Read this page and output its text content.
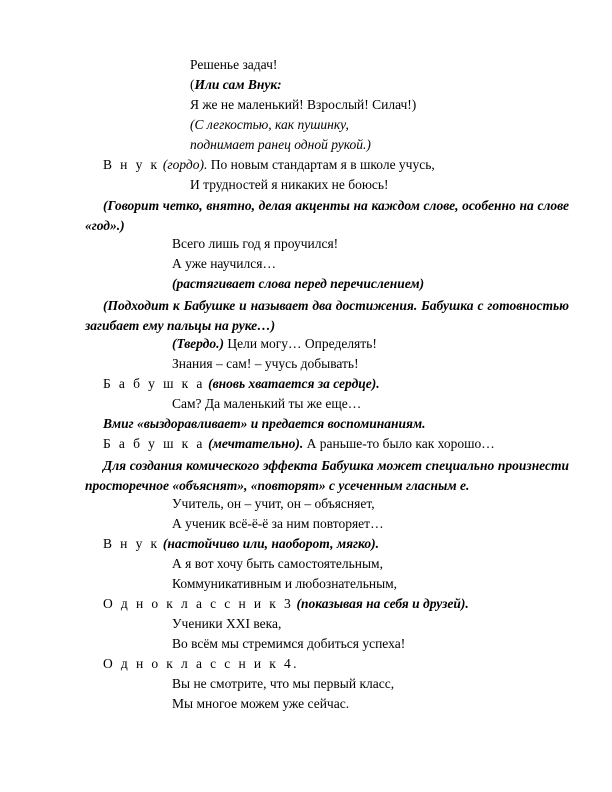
Решенье задач!
(Или сам Внук:
Я же не маленький! Взрослый! Силач!)
(С легкостью, как пушинку,
поднимает ранец одной рукой.)
В н у к (гордо). По новым стандартам я в школе учусь,
И трудностей я никаких не боюсь!
(Говорит четко, внятно, делая акценты на каждом слове, особенно на слове «год».)
Всего лишь год я проучился!
А уже научился…
(растягивает слова перед перечислением)
(Подходит к Бабушке и называет два достижения. Бабушка с готовностью загибает ему пальцы на руке…)
(Твердо.) Цели могу… Определять!
Знания – сам! – учусь добывать!
Б а б у ш к а (вновь хватается за сердце).
Сам? Да маленький ты же еще…
Вмиг «выздоравливает» и предается воспоминаниям.
Б а б у ш к а (мечтательно). А раньше-то было как хорошо…
Для создания комического эффекта Бабушка может специально произнести просторечное «объяснят», «повторят» с усеченным гласным е.
Учитель, он – учит, он – объясняет,
А ученик всё-ё-ё за ним повторяет…
В н у к (настойчиво или, наоборот, мягко).
А я вот хочу быть самостоятельным,
Коммуникативным и любознательным,
О д н о к л а с с н и к 3 (показывая на себя и друзей).
Ученики XXI века,
Во всём мы стремимся добиться успеха!
О д н о к л а с с н и к 4.
Вы не смотрите, что мы первый класс,
Мы многое можем уже сейчас.
